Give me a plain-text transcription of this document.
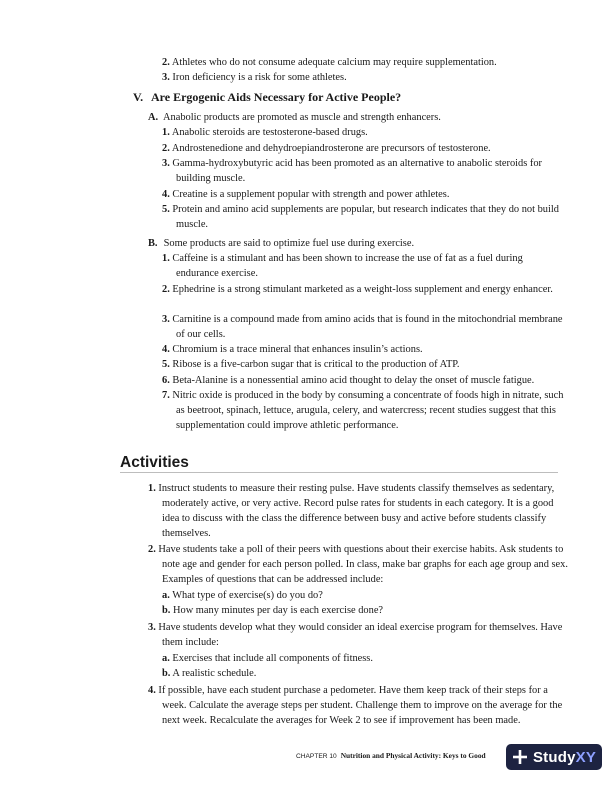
2. Athletes who do not consume adequate calcium may require supplementation.
3. Iron deficiency is a risk for some athletes.
V. Are Ergogenic Aids Necessary for Active People?
A. Anabolic products are promoted as muscle and strength enhancers.
1. Anabolic steroids are testosterone-based drugs.
2. Androstenedione and dehydroepiandrosterone are precursors of testosterone.
3. Gamma-hydroxybutyric acid has been promoted as an alternative to anabolic steroids for building muscle.
4. Creatine is a supplement popular with strength and power athletes.
5. Protein and amino acid supplements are popular, but research indicates that they do not build muscle.
B. Some products are said to optimize fuel use during exercise.
1. Caffeine is a stimulant and has been shown to increase the use of fat as a fuel during endurance exercise.
2. Ephedrine is a strong stimulant marketed as a weight-loss supplement and energy enhancer.
3. Carnitine is a compound made from amino acids that is found in the mitochondrial membrane of our cells.
4. Chromium is a trace mineral that enhances insulin’s actions.
5. Ribose is a five-carbon sugar that is critical to the production of ATP.
6. Beta-Alanine is a nonessential amino acid thought to delay the onset of muscle fatigue.
7. Nitric oxide is produced in the body by consuming a concentrate of foods high in nitrate, such as beetroot, spinach, lettuce, arugula, celery, and watercress; recent studies suggest that this supplementation could improve athletic performance.
Activities
1. Instruct students to measure their resting pulse. Have students classify themselves as sedentary, moderately active, or very active. Record pulse rates for students in each category. It is a good idea to discuss with the class the difference between busy and active before students classify themselves.
2. Have students take a poll of their peers with questions about their exercise habits. Ask students to note age and gender for each person polled. In class, make bar graphs for each age group and sex. Examples of questions that can be addressed include:
a. What type of exercise(s) do you do?
b. How many minutes per day is each exercise done?
3. Have students develop what they would consider an ideal exercise program for themselves. Have them include:
a. Exercises that include all components of fitness.
b. A realistic schedule.
4. If possible, have each student purchase a pedometer. Have them keep track of their steps for a week. Calculate the average steps per student. Challenge them to improve on the average for the next week. Recalculate the averages for Week 2 to see if improvement has been made.
CHAPTER 10 Nutrition and Physical Activity: Keys to Good	StudyXY
